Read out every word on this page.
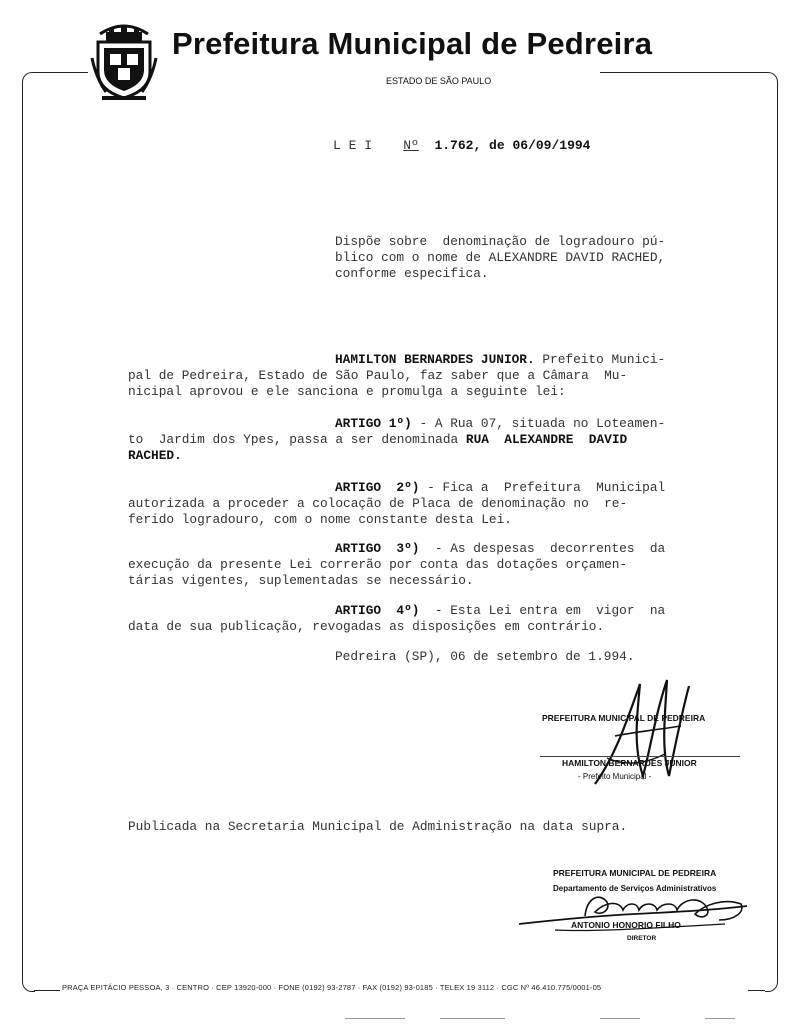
Prefeitura Municipal de Pedreira
ESTADO DE SÃO PAULO
L E I Nº 1.762, de 06/09/1994
Dispõe sobre  denominação de logradouro pú-
blico com o nome de ALEXANDRE DAVID RACHED,
conforme especifica.
HAMILTON BERNARDES JUNIOR. Prefeito Munici-
pal de Pedreira, Estado de São Paulo, faz saber que a Câmara  Mu-
nicipal aprovou e ele sanciona e promulga a seguinte lei:
ARTIGO 1º) - A Rua 07, situada no Loteamen-
to  Jardim dos Ypes, passa a ser denominada RUA  ALEXANDRE  DAVID
RACHED.
ARTIGO  2º) - Fica a  Prefeitura  Municipal
autorizada a proceder a colocação de Placa de denominação no  re-
ferido logradouro, com o nome constante desta Lei.
ARTIGO  3º)  - As despesas  decorrentes  da
execução da presente Lei correrão por conta das dotações orçamen-
tárias vigentes, suplementadas se necessário.
ARTIGO  4º)  - Esta Lei entra em  vigor  na
data de sua publicação, revogadas as disposições em contrário.
Pedreira (SP), 06 de setembro de 1.994.
PREFEITURA MUNICIPAL DE PEDREIRA
HAMILTON BERNARDES JUNIOR
- Prefeito Municipal -
Publicada na Secretaria Municipal de Administração na data supra.
PREFEITURA MUNICIPAL DE PEDREIRA
Departamento de Serviços Administrativos
ANTONIO HONORIO FILHO
DIRETOR
PRAÇA EPITÁCIO PESSOA, 3 · CENTRO · CEP 13920-000 · FONE (0192) 93-2787 · FAX (0192) 93-0185 · TELEX 19 3112 · CGC Nº 46.410.775/0001-05
